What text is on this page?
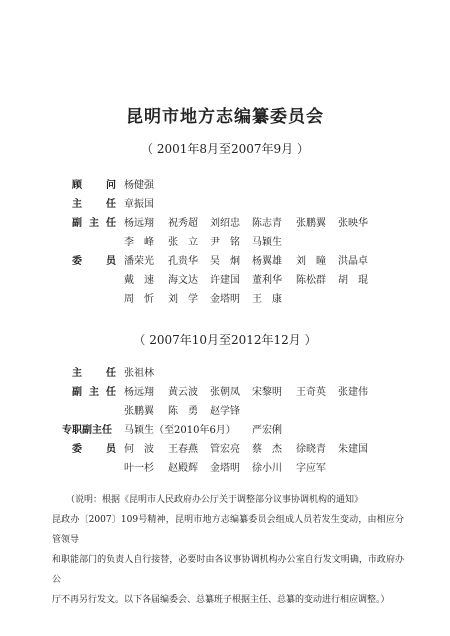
昆明市地方志编纂委员会
（ 2001年8月至2007年9月 ）
顾 问 杨健强
主 任 章振国
副 主 任 杨远翔 祝秀超 刘绍忠 陈志青 张鹏翼 张映华
李　峰 张　立 尹　铭 马颖生
委 员 潘荣光 孔贵华 吴　炯 杨翼雄 刘　瞳 洪晶卓
戴　速 海文达 许建国 董利华 陈松群 胡　琨
周　忻 刘　学 金塔明 王　康
（ 2007年10月至2012年12月 ）
主 任 张祖林
副 主 任 杨远翔 黄云波 张朝凤 宋黎明 王奇英 张建伟
张鹏翼 陈　勇 赵学锋
专职副主任 马颖生（至2010年6月） 严宏俐
委 员 何　波 王春燕 管宏亮 蔡　杰 徐晓青 朱建国
叶一杉 赵殿辉 金塔明 徐小川 字应军
（说明：根据《昆明市人民政府办公厅关于调整部分议事协调机构的通知》
昆政办〔2007〕109号精神，昆明市地方志编纂委员会组成人员若发生变动，由相应分管领导
和职能部门的负责人自行接替，必要时由各议事协调机构办公室自行发文明确，市政府办公
厅不再另行发文。以下各届编委会、总纂班子根据主任、总纂的变动进行相应调整。）
